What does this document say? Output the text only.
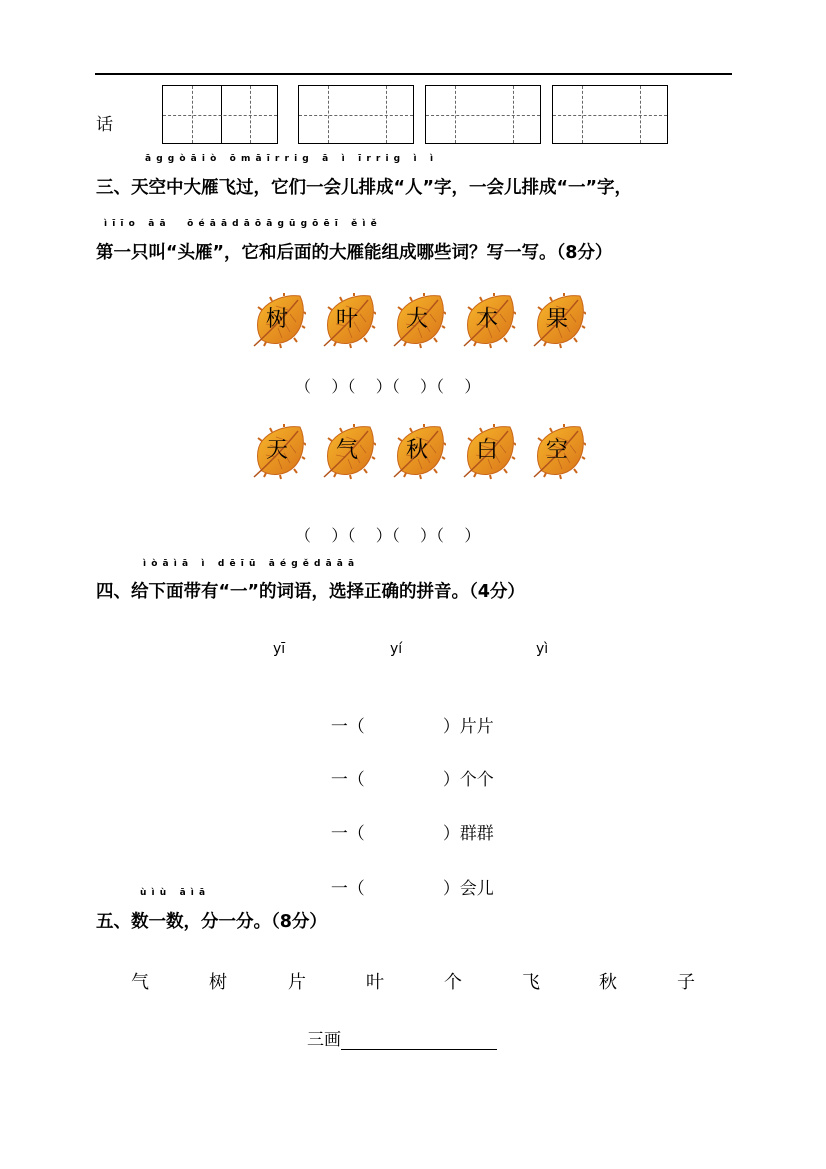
话
ā g g ò ā i ò   ō m ā ī r r i g   ā   ì   ī r r i g   ì   ì
三、天空中大雁飞过，它们一会儿排成“人”字，一会儿排成“一”字，
ì ī ī o   ā ā     ō é ā ā d ā ō ā g ū g ō ē ī   ě ì ě
第一只叫“头雁”，它和后面的大雁能组成哪些词？写一写。（8分）
树 叶 大 木 果
（    ）（    ）（    ）（    ）
天 气 秋 白 空
（    ）（    ）（    ）（    ）
ì ò ā ì ā   ì   d ē ī ū   ā é g ě d ā ā ā
四、给下面带有“一”的词语，选择正确的拼音。（4分）
yī	yí	yì

一（	）片片

一（	）个个

一（	）群群

一（	）会儿

ù ì ù   ā ì ā
五、数一数，分一分。（8分）
气	树	片	叶	个	飞	秋	子
三画
